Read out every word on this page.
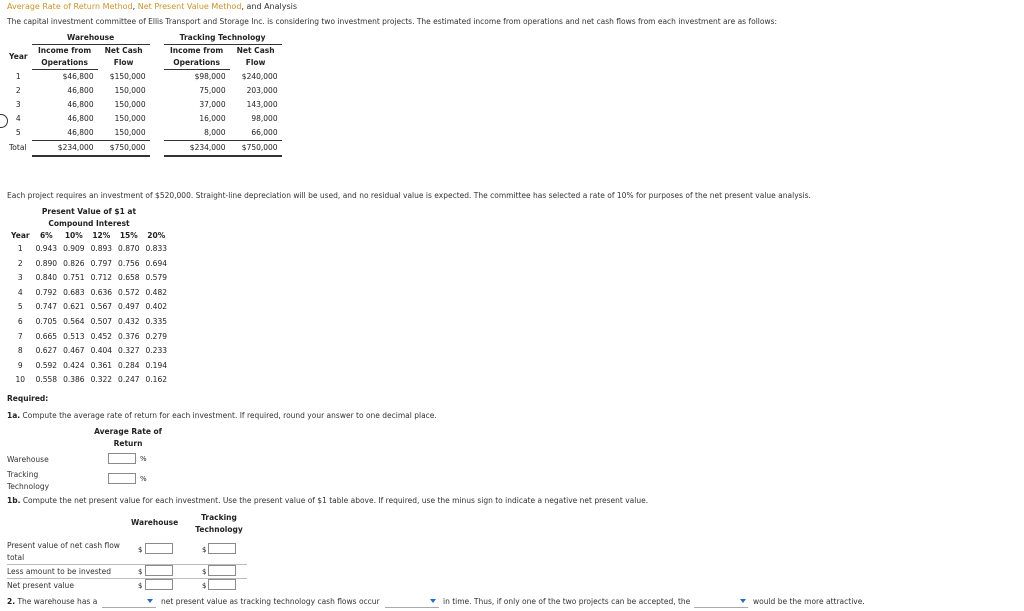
Average Rate of Return Method, Net Present Value Method, and Analysis
The capital investment committee of Ellis Transport and Storage Inc. is considering two investment projects. The estimated income from operations and net cash flows from each investment are as follows:
	Warehouse			Tracking Technology	
Year	Income from Operations	Net Cash Flow		Income from Operations	Net Cash Flow
1	$46,800	$150,000		$98,000	$240,000
2	46,800	150,000		75,000	203,000
3	46,800	150,000		37,000	143,000
4	46,800	150,000		16,000	98,000
5	46,800	150,000		8,000	66,000
Total	$234,000	$750,000		$234,000	$750,000
Each project requires an investment of $520,000. Straight-line depreciation will be used, and no residual value is expected. The committee has selected a rate of 10% for purposes of the net present value analysis.
Present Value of $1 at Compound Interest					
Year	6%	10%	12%	15%	20%
1	0.943	0.909	0.893	0.870	0.833
2	0.890	0.826	0.797	0.756	0.694
3	0.840	0.751	0.712	0.658	0.579
4	0.792	0.683	0.636	0.572	0.482
5	0.747	0.621	0.567	0.497	0.402
6	0.705	0.564	0.507	0.432	0.335
7	0.665	0.513	0.452	0.376	0.279
8	0.627	0.467	0.404	0.327	0.233
9	0.592	0.424	0.361	0.284	0.194
10	0.558	0.386	0.322	0.247	0.162
Required:
1a. Compute the average rate of return for each investment. If required, round your answer to one decimal place.
Average Rate of Return
Warehouse	%
Tracking Technology
%
1b. Compute the net present value for each investment. Use the present value of $1 table above. If required, use the minus sign to indicate a negative net present value.
Warehouse
Tracking Technology
Present value of net cash flow total
$	$
Less amount to be invested	$	$
Net present value	$	$
2. The warehouse has a	net present value as tracking technology cash flows occur	in time. Thus, if only one of the two projects can be accepted, the	would be the more attractive.
